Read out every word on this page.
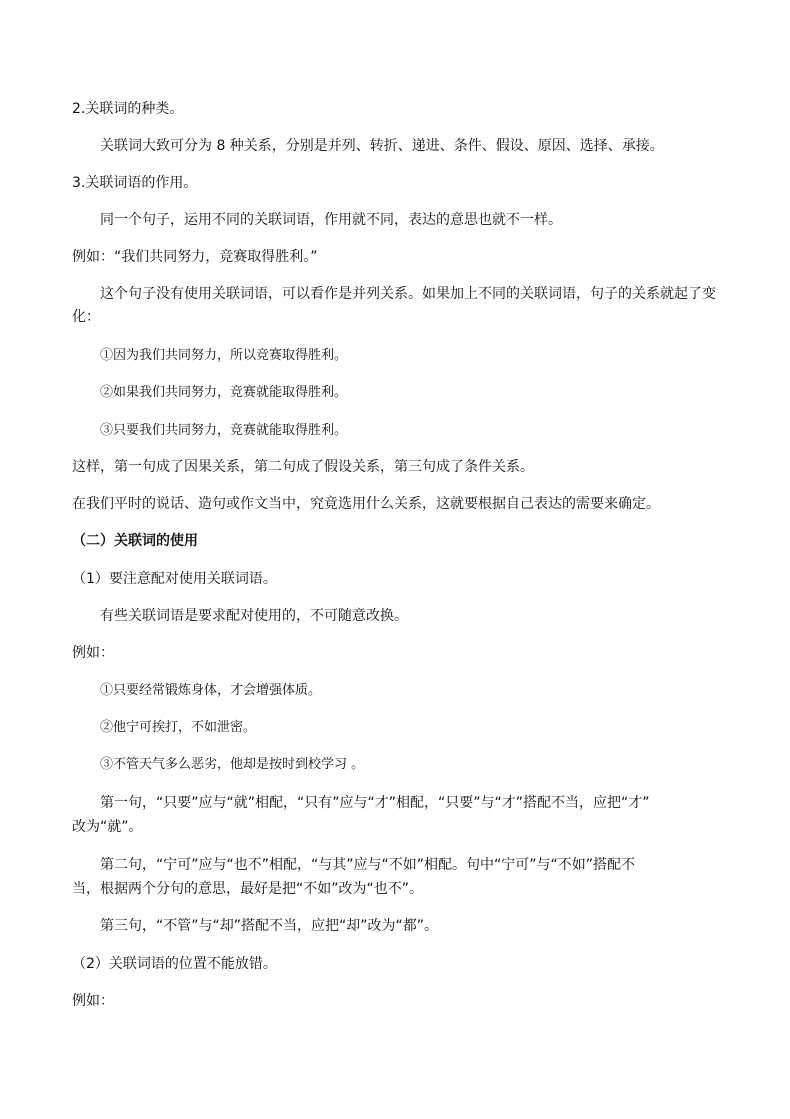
2.关联词的种类。
关联词大致可分为 8 种关系，分别是并列、转折、递进、条件、假设、原因、选择、承接。
3.关联词语的作用。
同一个句子，运用不同的关联词语，作用就不同，表达的意思也就不一样。
例如：“我们共同努力，竞赛取得胜利。”
这个句子没有使用关联词语，可以看作是并列关系。如果加上不同的关联词语，句子的关系就起了变
化：
①因为我们共同努力，所以竞赛取得胜利。
②如果我们共同努力，竞赛就能取得胜利。
③只要我们共同努力，竞赛就能取得胜利。
这样，第一句成了因果关系，第二句成了假设关系，第三句成了条件关系。
在我们平时的说话、造句或作文当中，究竟选用什么关系，这就要根据自己表达的需要来确定。
（二）关联词的使用
（1）要注意配对使用关联词语。
有些关联词语是要求配对使用的，不可随意改换。
例如：
①只要经常锻炼身体，才会增强体质。
②他宁可挨打，不如泄密。
③不管天气多么恶劣，他却是按时到校学习 。
第一句，“只要”应与“就”相配，“只有”应与“才”相配，“只要”与“才”搭配不当，应把“才”
改为“就”。
第二句，“宁可”应与“也不”相配，“与其”应与“不如”相配。句中“宁可”与“不如”搭配不
当，根据两个分句的意思，最好是把“不如”改为“也不”。
第三句，“不管”与“却”搭配不当，应把“却”改为“都”。
（2）关联词语的位置不能放错。
例如：
